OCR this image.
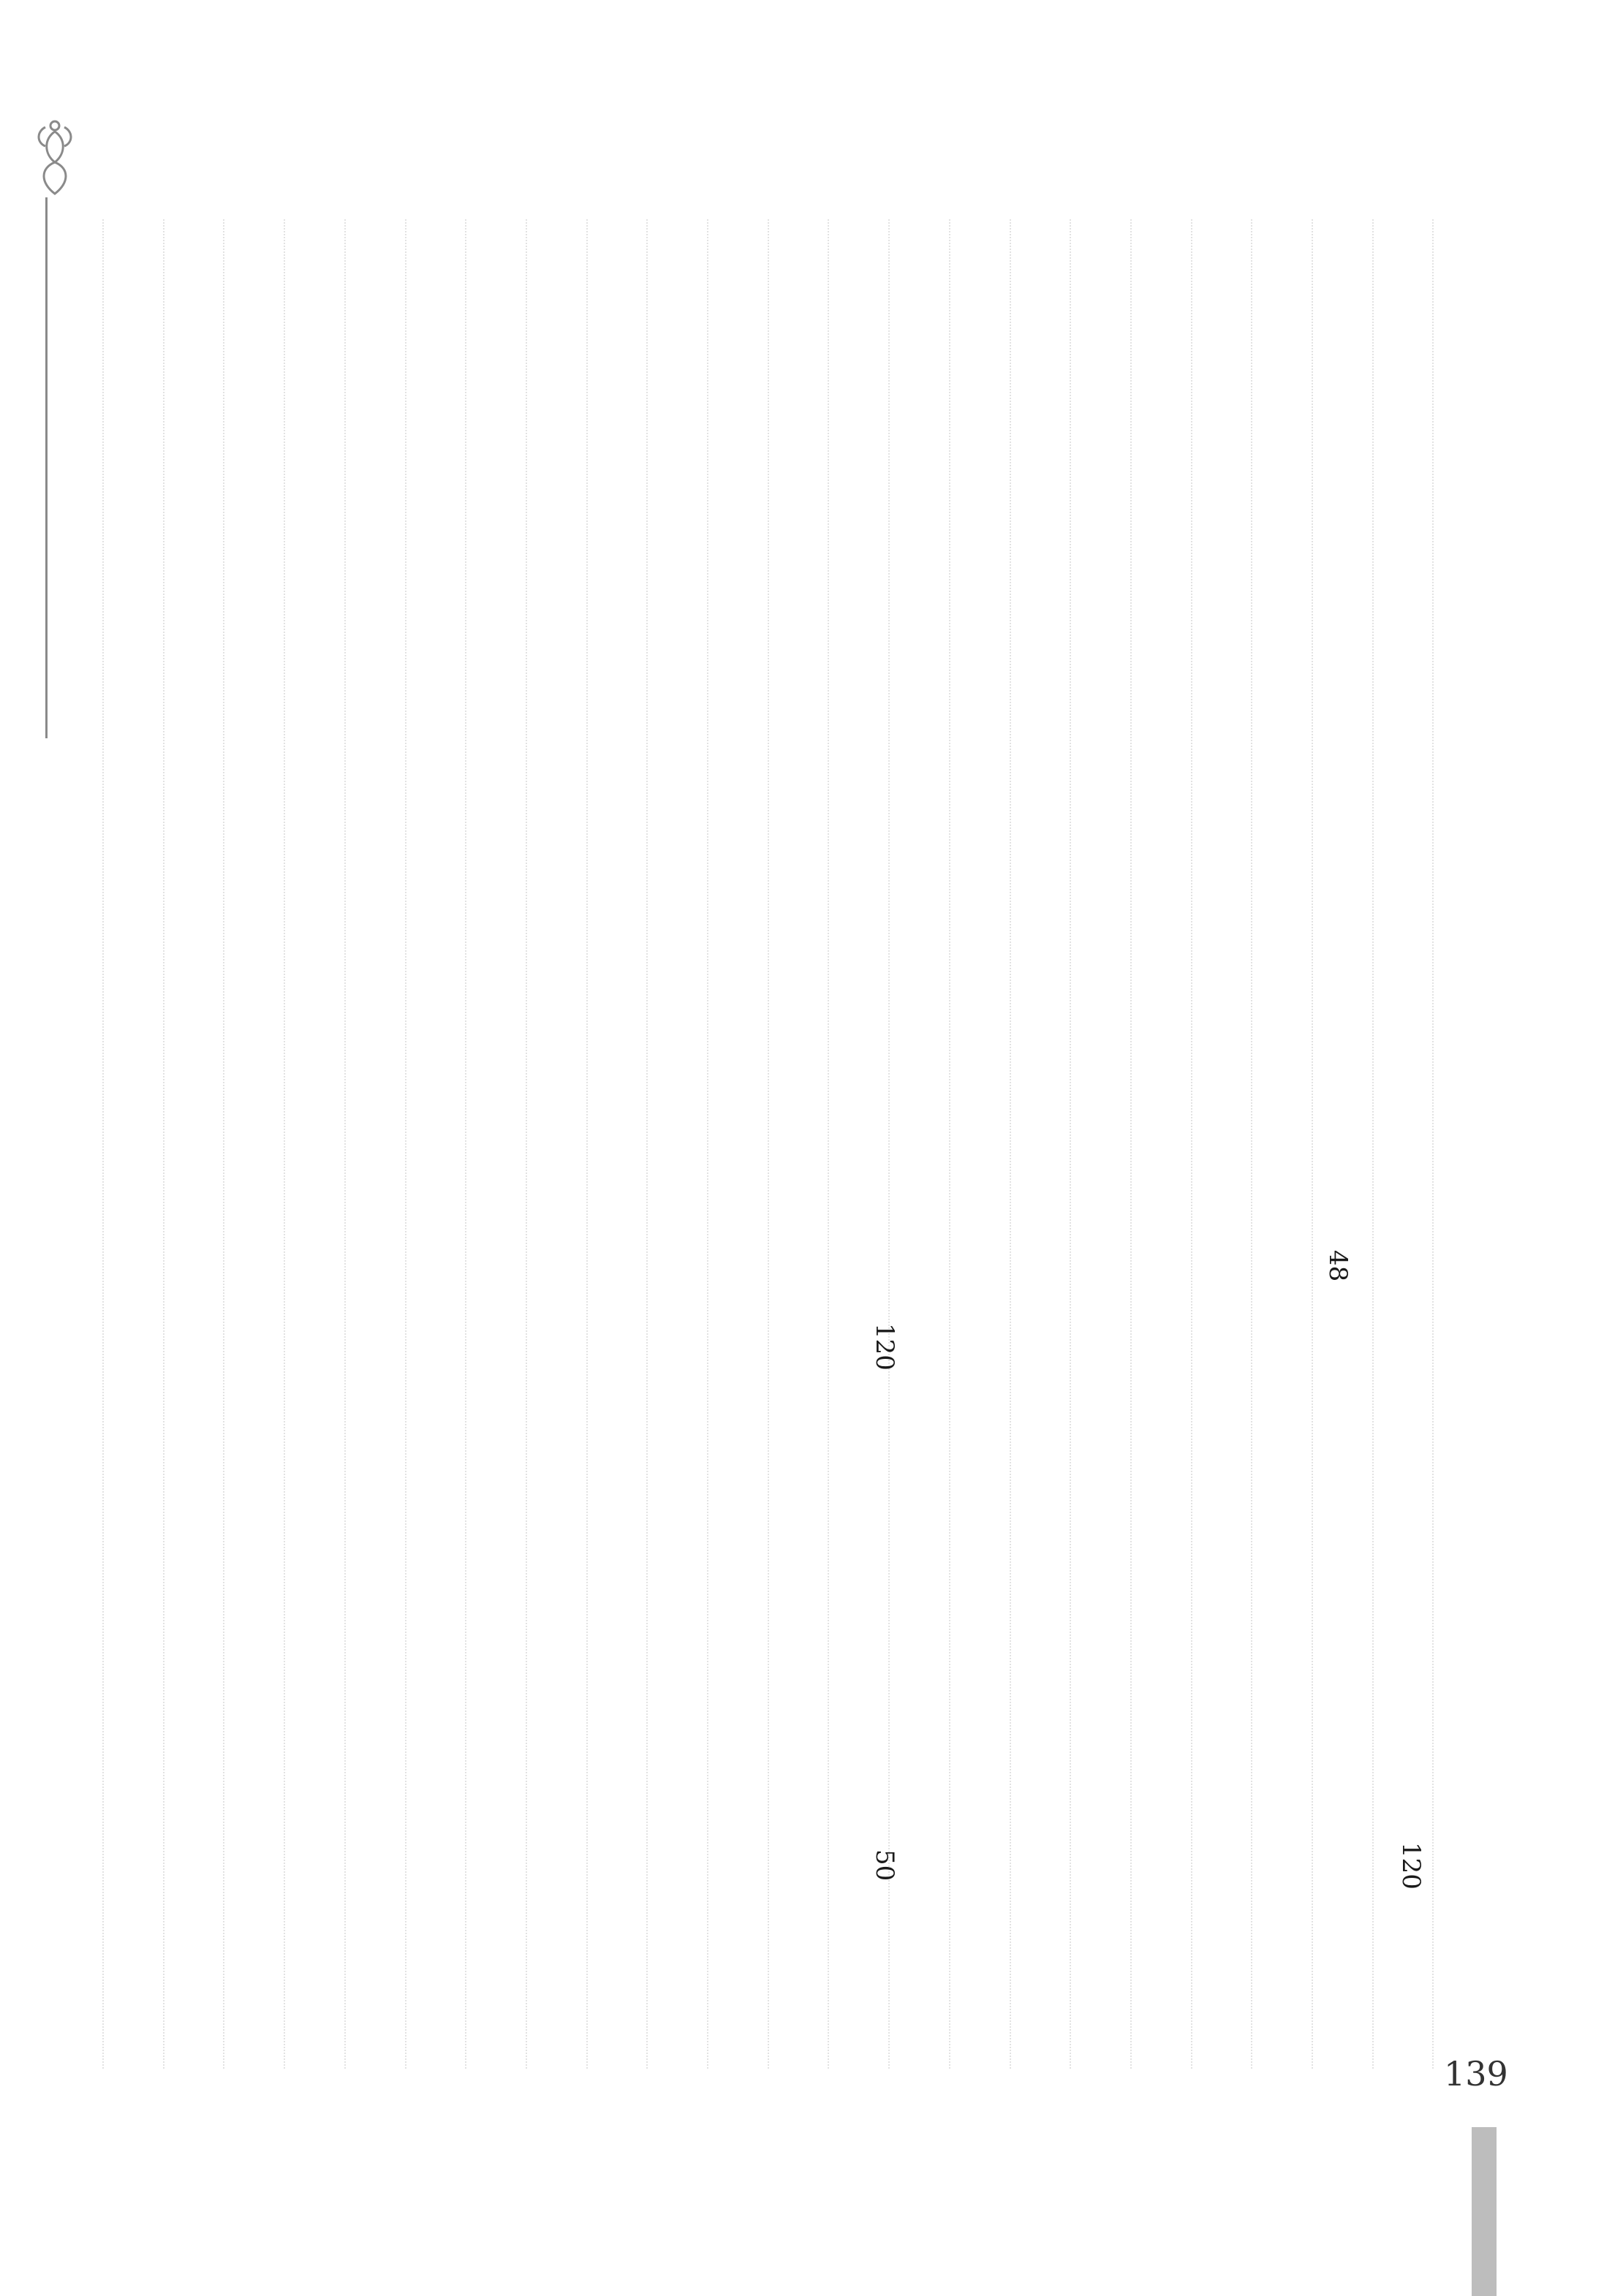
120
50
48
120
139
